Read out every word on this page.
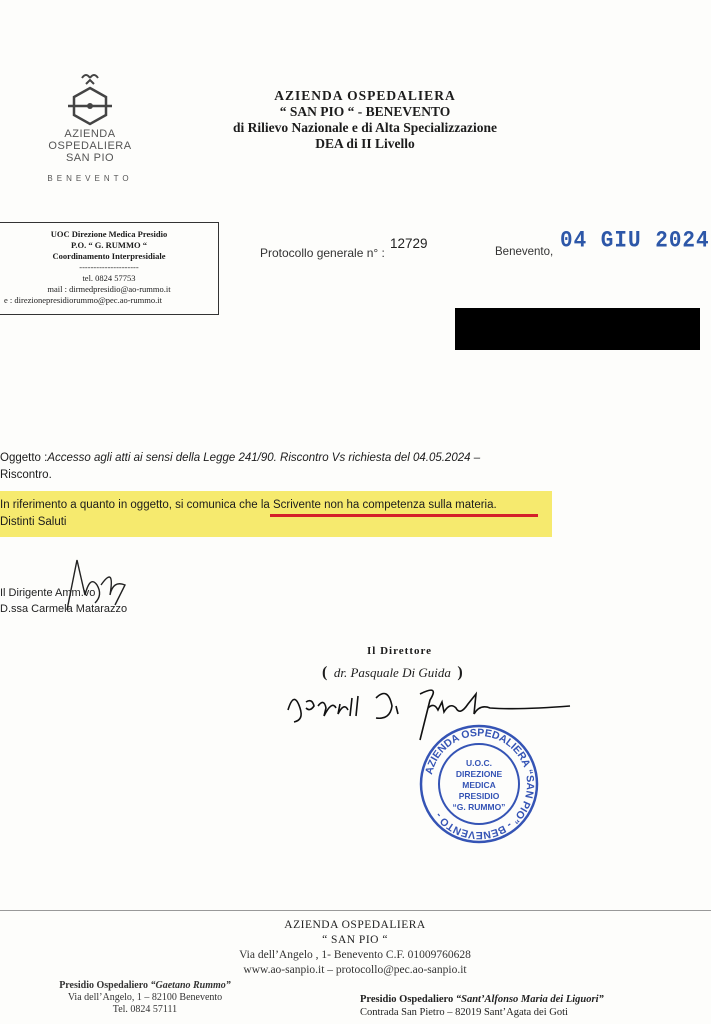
AZIENDA
OSPEDALIERA
SAN PIO
BENEVENTO
AZIENDA OSPEDALIERA
“ SAN PIO “ - BENEVENTO
di Rilievo Nazionale e di Alta Specializzazione
DEA di II Livello
UOC Direzione Medica Presidio
P.O. “ G. RUMMO “
Coordinamento Interpresidiale
---------------------
tel. 0824 57753
mail : dirmedpresidio@ao-rummo.it
e : direzionepresidiorummo@pec.ao-rummo.it
Protocollo generale n° :
12729
Benevento, 04 GIU 2024
Oggetto :Accesso agli atti ai sensi della Legge 241/90. Riscontro Vs richiesta del 04.05.2024 –
Riscontro.
In riferimento a quanto in oggetto, si comunica che la Scrivente non ha competenza sulla materia.
Distinti Saluti
Il Dirigente Amm.vo
D.ssa Carmela Matarazzo
Il Direttore
( dr. Pasquale Di Guida )
AZIENDA OSPEDALIERA “SAN PIO” - BENEVENTO -
U.O.C.
DIREZIONE
MEDICA
PRESIDIO
“G. RUMMO”
AZIENDA OSPEDALIERA
“ SAN PIO “
Via dell’Angelo , 1- Benevento C.F. 01009760628
www.ao-sanpio.it – protocollo@pec.ao-sanpio.it
Presidio Ospedaliero “Gaetano Rummo”
Via dell’Angelo, 1 – 82100 Benevento
Tel. 0824 57111
Presidio Ospedaliero “Sant’Alfonso Maria dei Liguori”
Contrada San Pietro – 82019 Sant’Agata dei Goti
